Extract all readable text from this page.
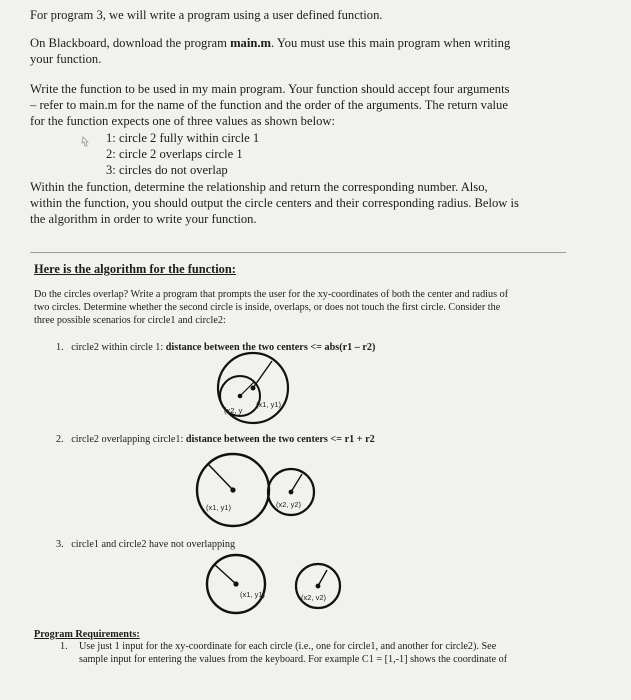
For program 3, we will write a program using a user defined function.

On Blackboard, download the program main.m. You must use this main program when writing

your function.

Write the function to be used in my main program. Your function should accept four arguments

– refer to main.m for the name of the function and the order of the arguments. The return value

for the function expects one of three values as shown below:

1: circle 2 fully within circle 1

2: circle 2 overlaps circle 1

3: circles do not overlap

Within the function, determine the relationship and return the corresponding number. Also,

within the function, you should output the circle centers and their corresponding radius. Below is

the algorithm in order to write your function.

Here is the algorithm for the function:

Do the circles overlap? Write a program that prompts the user for the xy-coordinates of both the center and radius of

two circles. Determine whether the second circle is inside, overlaps, or does not touch the first circle. Consider the

three possible scenarios for circle1 and circle2:

1. circle2 within circle 1: distance between the two centers <= abs(r1 – r2)

(x1, y1)
(x2, y

2. circle2 overlapping circle1: distance between the two centers <= r1 + r2

(x1, y1)	(x2, y2)

3. circle1 and circle2 have not overlapping

(x1, y1)	(x2, v2)

Program Requirements:

1. Use just 1 input for the xy-coordinate for each circle (i.e., one for circle1, and another for circle2). See

sample input for entering the values from the keyboard. For example C1 = [1,-1] shows the coordinate of
